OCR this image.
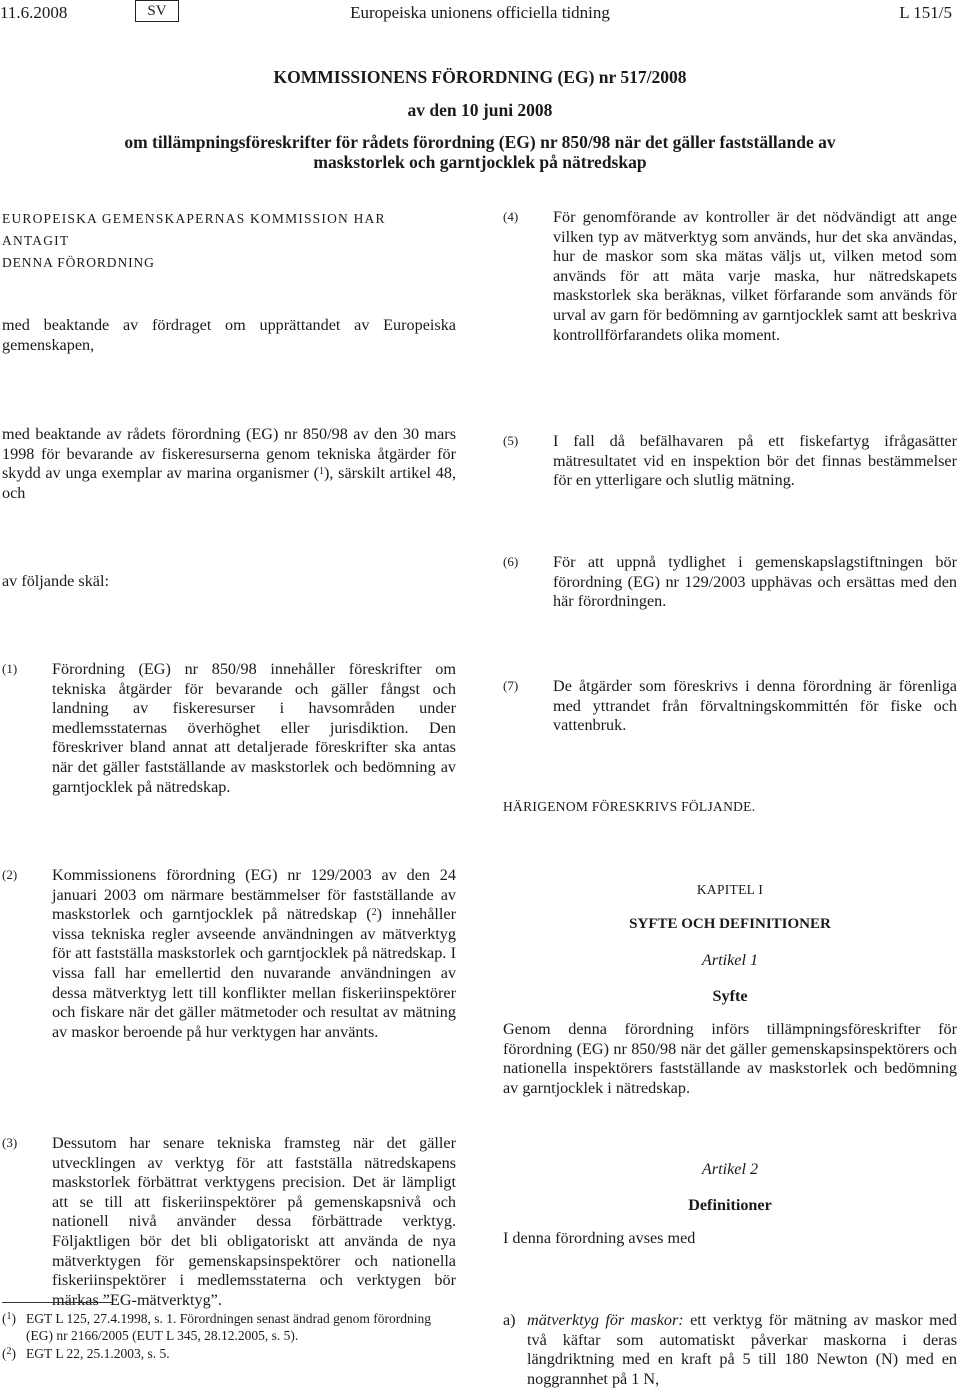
11.6.2008	SV	Europeiska unionens officiella tidning	L 151/5
KOMMISSIONENS FÖRORDNING (EG) nr 517/2008
av den 10 juni 2008
om tillämpningsföreskrifter för rådets förordning (EG) nr 850/98 när det gäller fastställande av
maskstorlek och garntjocklek på nätredskap
EUROPEISKA GEMENSKAPERNAS KOMMISSION HAR ANTAGIT
DENNA FÖRORDNING
med beaktande av fördraget om upprättandet av Europeiska gemenskapen,
med beaktande av rådets förordning (EG) nr 850/98 av den 30 mars 1998 för bevarande av fiskeresurserna genom tekniska åtgärder för skydd av unga exemplar av marina organismer ($^1$), särskilt artikel 48, och
av följande skäl:
(1)	Förordning (EG) nr 850/98 innehåller föreskrifter om tekniska åtgärder för bevarande och gäller fångst och landning av fiskeresurser i havsområden under medlemsstaternas överhöghet eller jurisdiktion. Den föreskriver bland annat att detaljerade föreskrifter ska antas när det gäller fastställande av maskstorlek och bedömning av garntjocklek på nätredskap.
(2)	Kommissionens förordning (EG) nr 129/2003 av den 24 januari 2003 om närmare bestämmelser för fastställande av maskstorlek och garntjocklek på nätredskap ($^2$) innehåller vissa tekniska regler avseende användningen av mätverktyg för att fastställa maskstorlek och garntjocklek på nätredskap. I vissa fall har emellertid den nuvarande användningen av dessa mätverktyg lett till konflikter mellan fiskeriinspektörer och fiskare när det gäller mätmetoder och resultat av mätning av maskor beroende på hur verktygen har använts.
(3)	Dessutom har senare tekniska framsteg när det gäller utvecklingen av verktyg för att fastställa nätredskapens maskstorlek förbättrat verktygens precision. Det är lämpligt att se till att fiskeriinspektörer på gemenskapsnivå och nationell nivå använder dessa förbättrade verktyg. Följaktligen bör det bli obligatoriskt att använda de nya mätverktygen för gemenskapsinspektörer och nationella fiskeriinspektörer i medlemsstaterna och verktygen bör märkas ”EG-mätverktyg”.
($^1$) EGT L 125, 27.4.1998, s. 1. Förordningen senast ändrad genom förordning (EG) nr 2166/2005 (EUT L 345, 28.12.2005, s. 5).
($^2$) EGT L 22, 25.1.2003, s. 5.
(4)	För genomförande av kontroller är det nödvändigt att ange vilken typ av mätverktyg som används, hur det ska användas, hur de maskor som ska mätas väljs ut, vilken metod som används för att mäta varje maska, hur nätredskapets maskstorlek ska beräknas, vilket förfarande som används för urval av garn för bedömning av garntjocklek samt att beskriva kontrollförfarandets olika moment.
(5)	I fall då befälhavaren på ett fiskefartyg ifrågasätter mätresultatet vid en inspektion bör det finnas bestämmelser för en ytterligare och slutlig mätning.
(6)	För att uppnå tydlighet i gemenskapslagstiftningen bör förordning (EG) nr 129/2003 upphävas och ersättas med den här förordningen.
(7)	De åtgärder som föreskrivs i denna förordning är förenliga med yttrandet från förvaltningskommittén för fiske och vattenbruk.
HÄRIGENOM FÖRESKRIVS FÖLJANDE.
KAPITEL I
SYFTE OCH DEFINITIONER
Artikel 1
Syfte
Genom denna förordning införs tillämpningsföreskrifter för förordning (EG) nr 850/98 när det gäller gemenskapsinspektörers och nationella inspektörers fastställande av maskstorlek och bedömning av garntjocklek i nätredskap.
Artikel 2
Definitioner
I denna förordning avses med
a) mätverktyg för maskor: ett verktyg för mätning av maskor med två käftar som automatiskt påverkar maskorna i deras längdriktning med en kraft på 5 till 180 Newton (N) med en noggrannhet på 1 N,
